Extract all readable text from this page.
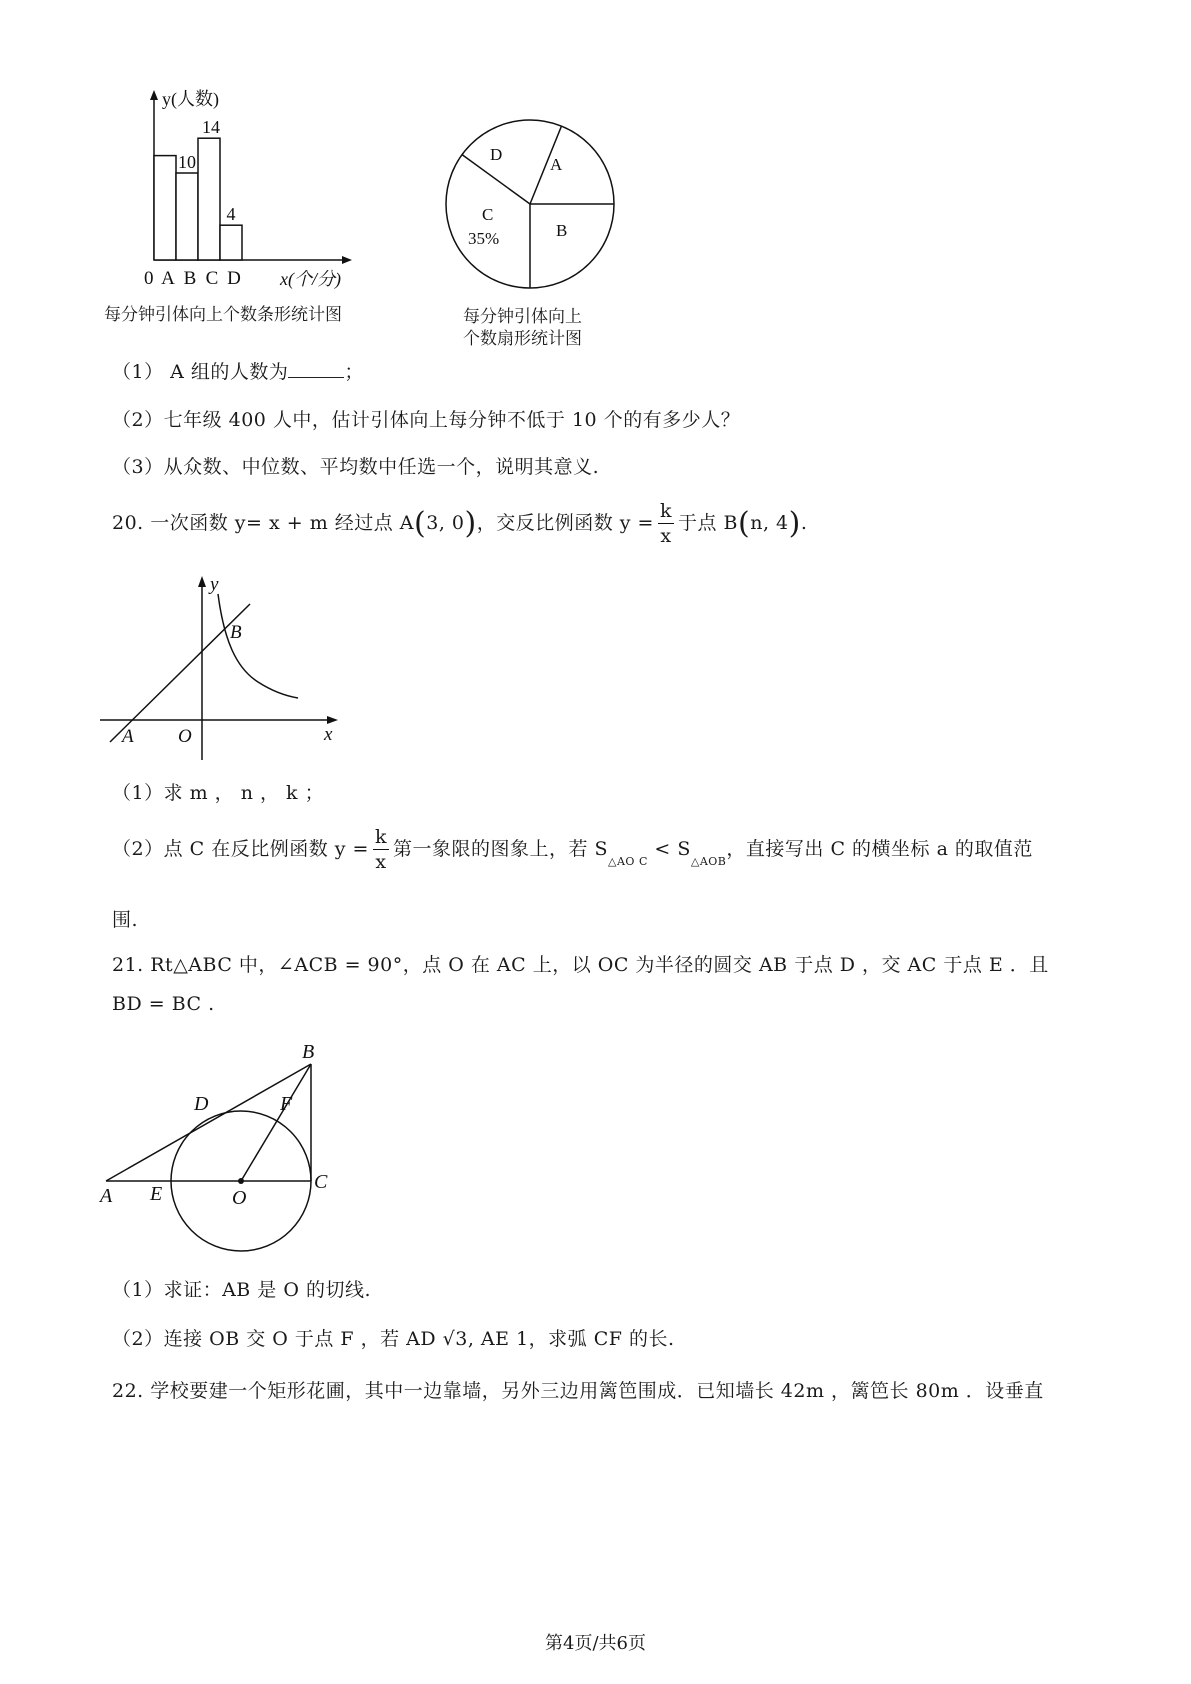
y(人数)
A
10
B
14
C
4
D
0	x(个/分)
每分钟引体向上个数条形统计图
A
B
C
35%
D
每分钟引体向上
个数扇形统计图
（1） A 组的人数为	；
（2）七年级 400 人中，估计引体向上每分钟不低于 10 个的有多少人？
（3）从众数、中位数、平均数中任选一个，说明其意义.
20. 一次函数 y= x + m 经过点 A(3, 0)，交反比例函数 $y = \frac{k}{x}$ 于点 B(n, 4).
y
x
B
A O
（1）求 m ， n ， k ；
（2）点 C 在反比例函数 $y = \frac{k}{x}$ 第一象限的图象上，若 $S_{\triangle AO C} < S_{\triangle AOB}$，直接写出 C 的横坐标 a 的取值范
围.
21. Rt△ABC 中，∠ACB = 90°，点 O 在 AC 上，以 OC 为半径的圆交 AB 于点 D ，交 AC 于点 E ．且
BD = BC .
A
B
C
D
E
F
O
（1）求证：AB 是 O 的切线.
（2）连接 OB 交 O 于点 F ，若 AD √3, AE 1，求弧 CF 的长.
22. 学校要建一个矩形花圃，其中一边靠墙，另外三边用篱笆围成．已知墙长 42m ，篱笆长 80m ．设垂直
第4页/共6页
